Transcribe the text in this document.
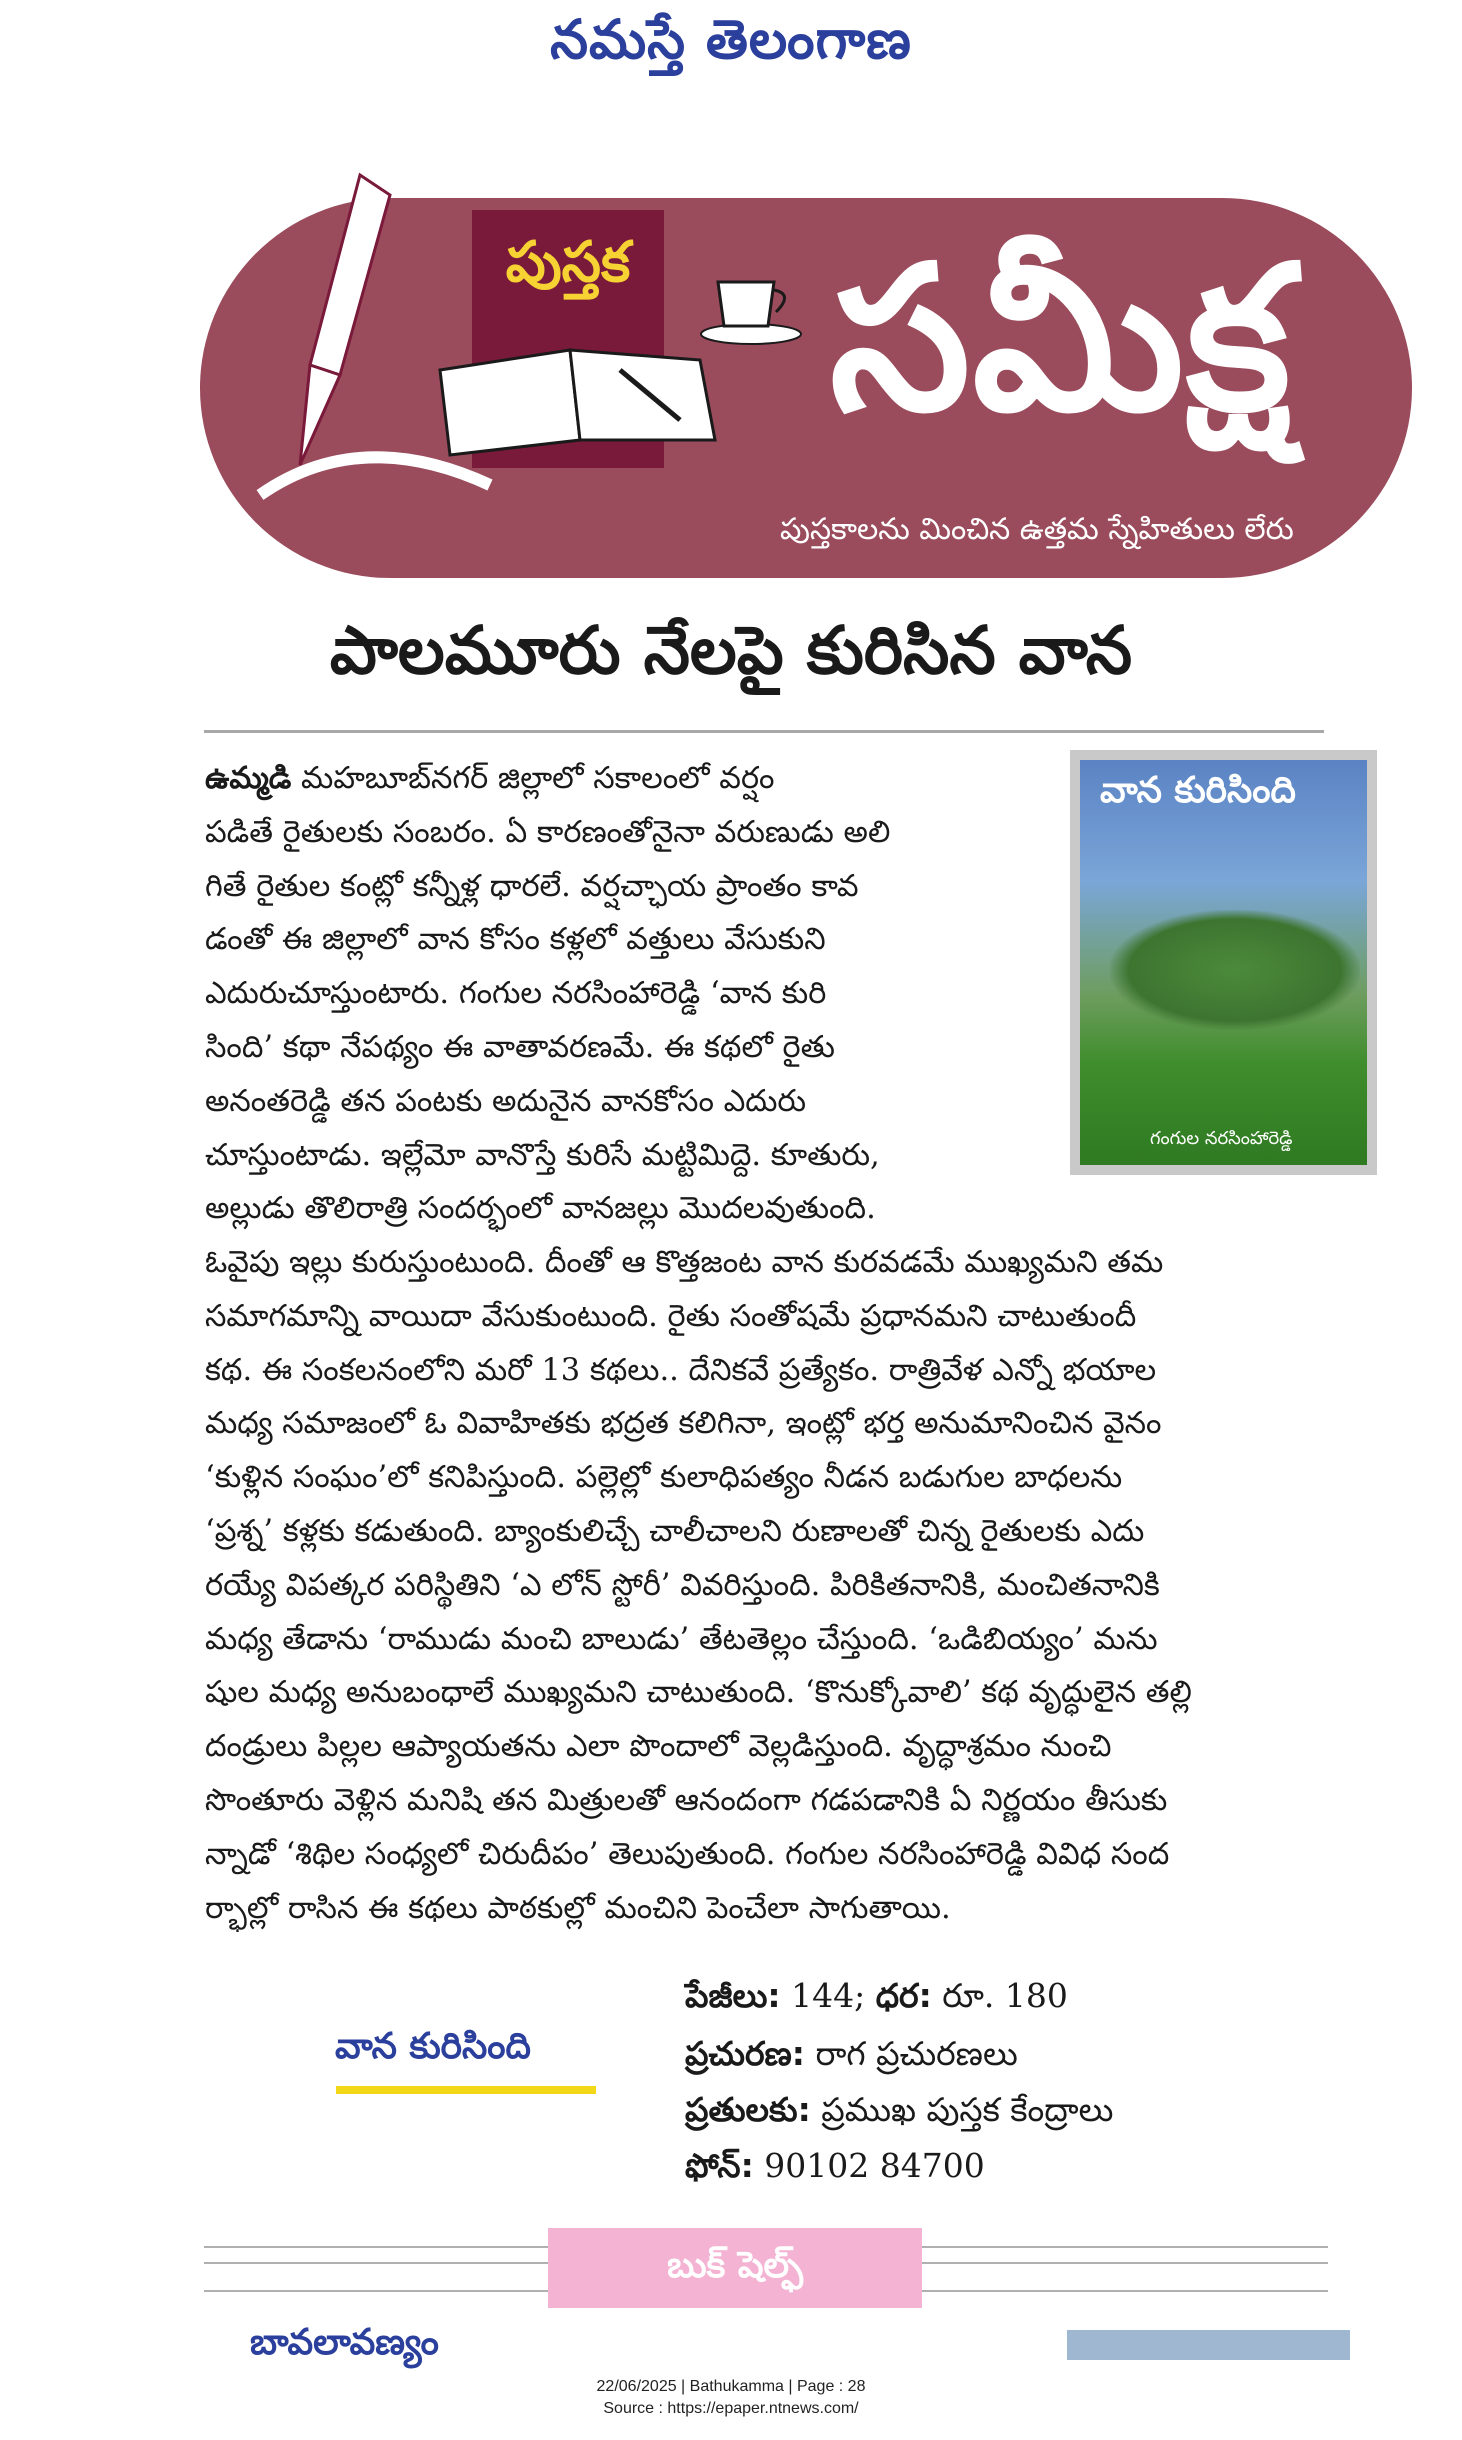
నమస్తే తెలంగాణ
పుస్తక సమీక్ష
పుస్తకాలను మించిన ఉత్తమ స్నేహితులు లేరు
పాలమూరు నేలపై కురిసిన వాన

ఉమ్మడి మహబూబ్‌నగర్ జిల్లాలో సకాలంలో వర్షం

పడితే రైతులకు సంబరం. ఏ కారణంతోనైనా వరుణుడు అలి

గితే రైతుల కంట్లో కన్నీళ్ల ధారలే. వర్షచ్ఛాయ ప్రాంతం కావ

డంతో ఈ జిల్లాలో వాన కోసం కళ్లలో వత్తులు వేసుకుని

ఎదురుచూస్తుంటారు. గంగుల నరసింహారెడ్డి ‘వాన కురి

సింది’ కథా నేపథ్యం ఈ వాతావరణమే. ఈ కథలో రైతు

అనంతరెడ్డి తన పంటకు అదునైన వానకోసం ఎదురు

చూస్తుంటాడు. ఇల్లేమో వానొస్తే కురిసే మట్టిమిద్దె. కూతురు,

అల్లుడు తొలిరాత్రి సందర్భంలో వానజల్లు మొదలవుతుంది.

వాన కురిసింది
గంగుల నరసింహారెడ్డి

ఓవైపు ఇల్లు కురుస్తుంటుంది. దీంతో ఆ కొత్తజంట వాన కురవడమే ముఖ్యమని తమ

సమాగమాన్ని వాయిదా వేసుకుంటుంది. రైతు సంతోషమే ప్రధానమని చాటుతుందీ

కథ. ఈ సంకలనంలోని మరో 13 కథలు.. దేనికవే ప్రత్యేకం. రాత్రివేళ ఎన్నో భయాల

మధ్య సమాజంలో ఓ వివాహితకు భద్రత కలిగినా, ఇంట్లో భర్త అనుమానించిన వైనం

‘కుళ్లిన సంఘం’లో కనిపిస్తుంది. పల్లెల్లో కులాధిపత్యం నీడన బడుగుల బాధలను

‘ప్రశ్న’ కళ్లకు కడుతుంది. బ్యాంకులిచ్చే చాలీచాలని రుణాలతో చిన్న రైతులకు ఎదు

రయ్యే విపత్కర పరిస్థితిని ‘ఎ లోన్ స్టోరీ’ వివరిస్తుంది. పిరికితనానికి, మంచితనానికి

మధ్య తేడాను ‘రాముడు మంచి బాలుడు’ తేటతెల్లం చేస్తుంది. ‘ఒడిబియ్యం’ మను

షుల మధ్య అనుబంధాలే ముఖ్యమని చాటుతుంది. ‘కొనుక్కోవాలి’ కథ వృద్ధులైన తల్లి

దండ్రులు పిల్లల ఆప్యాయతను ఎలా పొందాలో వెల్లడిస్తుంది. వృద్ధాశ్రమం నుంచి

సొంతూరు వెళ్లిన మనిషి తన మిత్రులతో ఆనందంగా గడపడానికి ఏ నిర్ణయం తీసుకు

న్నాడో ‘శిథిల సంధ్యలో చిరుదీపం’ తెలుపుతుంది. గంగుల నరసింహారెడ్డి వివిధ సంద

ర్భాల్లో రాసిన ఈ కథలు పాఠకుల్లో మంచిని పెంచేలా సాగుతాయి.

వాన కురిసింది
పేజీలు: 144; ధర: రూ. 180
ప్రచురణ: రాగ ప్రచురణలు
ప్రతులకు: ప్రముఖ పుస్తక కేంద్రాలు
ఫోన్: 90102 84700
బుక్ షెల్ఫ్
బావలావణ్యం
22/06/2025 | Bathukamma | Page : 28
Source : https://epaper.ntnews.com/
